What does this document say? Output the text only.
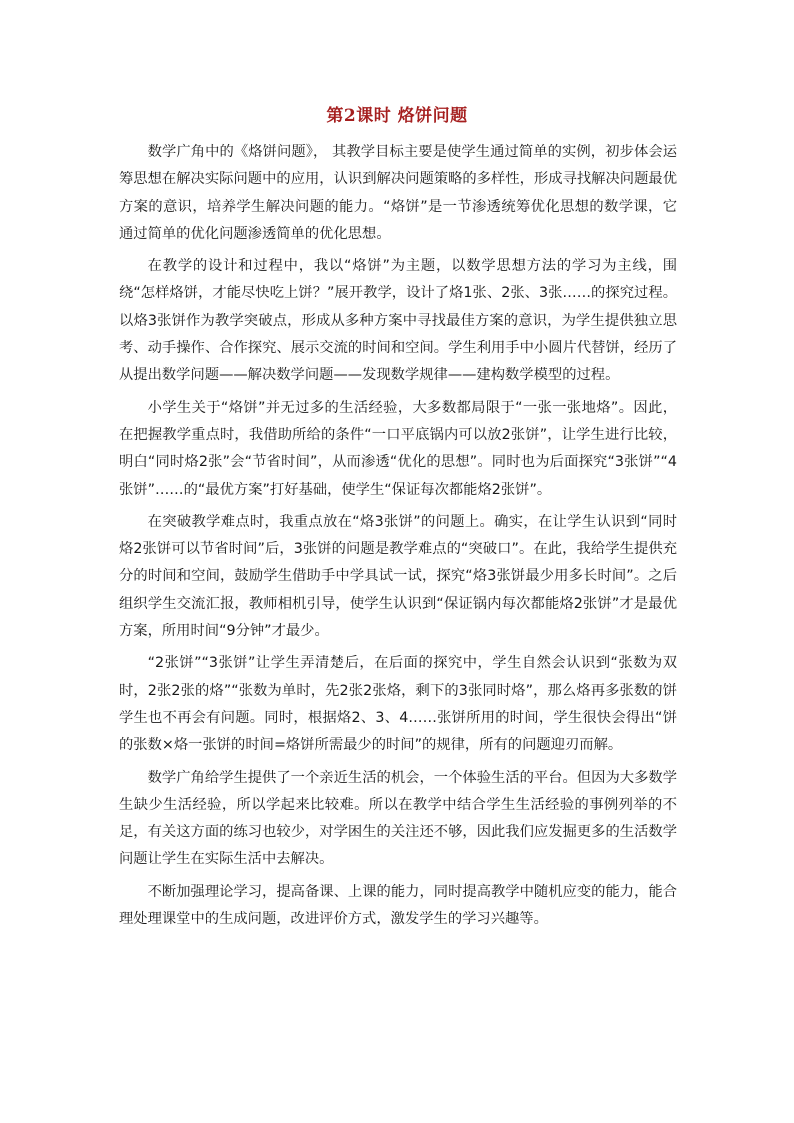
第2课时 烙饼问题

数学广角中的《烙饼问题》， 其教学目标主要是使学生通过简单的实例，初步体会运筹思想在解决实际问题中的应用，认识到解决问题策略的多样性，形成寻找解决问题最优方案的意识，培养学生解决问题的能力。“烙饼”是一节渗透统筹优化思想的数学课，它通过简单的优化问题渗透简单的优化思想。

在教学的设计和过程中，我以“烙饼”为主题，以数学思想方法的学习为主线，围绕“怎样烙饼，才能尽快吃上饼？”展开教学，设计了烙1张、2张、3张……的探究过程。以烙3张饼作为教学突破点，形成从多种方案中寻找最佳方案的意识，为学生提供独立思考、动手操作、合作探究、展示交流的时间和空间。学生利用手中小圆片代替饼，经历了从提出数学问题——解决数学问题——发现数学规律——建构数学模型的过程。

小学生关于“烙饼”并无过多的生活经验，大多数都局限于“一张一张地烙”。因此，在把握教学重点时，我借助所给的条件“一口平底锅内可以放2张饼”，让学生进行比较，明白“同时烙2张”会“节省时间”，从而渗透“优化的思想”。同时也为后面探究“3张饼”“4张饼”……的“最优方案”打好基础，使学生“保证每次都能烙2张饼”。

在突破教学难点时，我重点放在“烙3张饼”的问题上。确实，在让学生认识到“同时烙2张饼可以节省时间”后，3张饼的问题是教学难点的“突破口”。在此，我给学生提供充分的时间和空间，鼓励学生借助手中学具试一试，探究“烙3张饼最少用多长时间”。之后组织学生交流汇报，教师相机引导，使学生认识到“保证锅内每次都能烙2张饼”才是最优方案，所用时间“9分钟”才最少。

“2张饼”“3张饼”让学生弄清楚后，在后面的探究中，学生自然会认识到“张数为双时，2张2张的烙”“张数为单时，先2张2张烙，剩下的3张同时烙”，那么烙再多张数的饼学生也不再会有问题。同时，根据烙2、3、4……张饼所用的时间，学生很快会得出“饼的张数×烙一张饼的时间=烙饼所需最少的时间”的规律，所有的问题迎刃而解。

数学广角给学生提供了一个亲近生活的机会，一个体验生活的平台。但因为大多数学生缺少生活经验，所以学起来比较难。所以在教学中结合学生生活经验的事例列举的不足，有关这方面的练习也较少，对学困生的关注还不够，因此我们应发掘更多的生活数学问题让学生在实际生活中去解决。

不断加强理论学习，提高备课、上课的能力，同时提高教学中随机应变的能力，能合理处理课堂中的生成问题，改进评价方式，激发学生的学习兴趣等。
